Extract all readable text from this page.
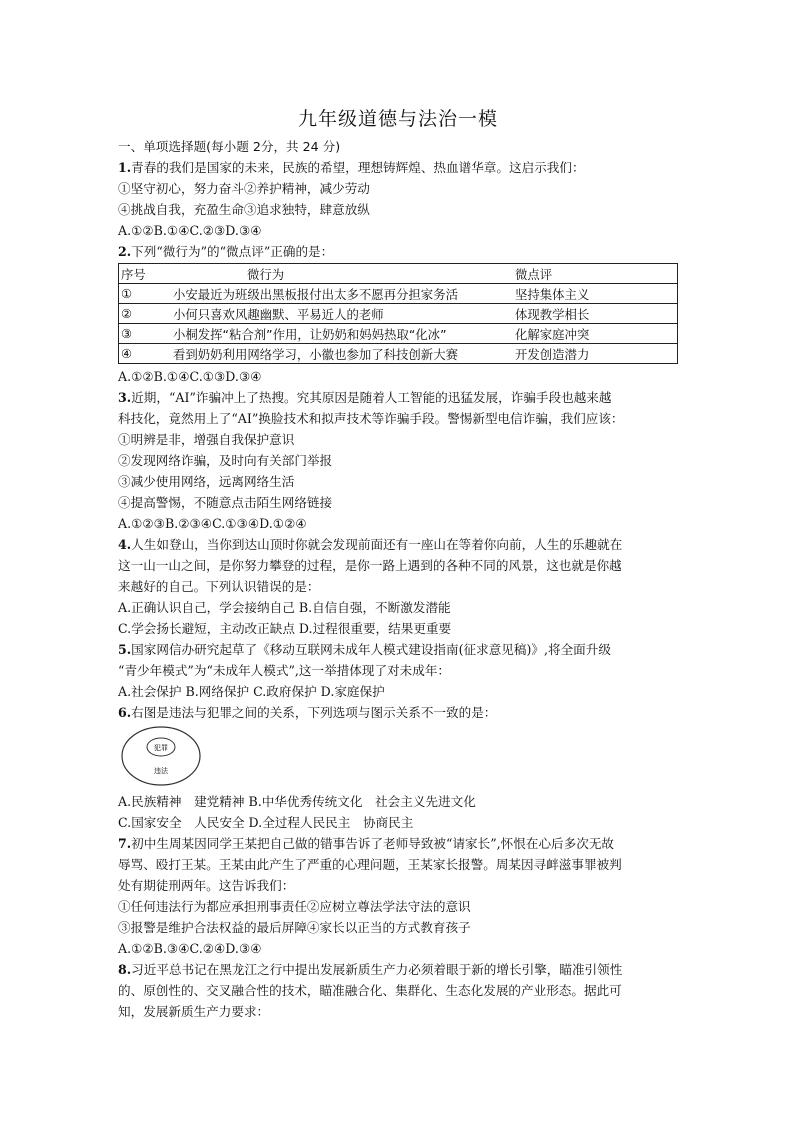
九年级道德与法治一模
一、单项选择题(每小题 2分，共 24 分)
1.青春的我们是国家的未来，民族的希望，理想铸辉煌、热血谱华章。这启示我们：
①坚守初心，努力奋斗②养护精神，减少劳动
④挑战自我，充盈生命③追求独特，肆意放纵
A.①②B.①④C.②③D.③④
2.下列“微行为”的“微点评”正确的是：
序号	微行为	微点评
①	小安最近为班级出黑板报付出太多不愿再分担家务活	坚持集体主义
②	小何只喜欢风趣幽默、平易近人的老师	体现教学相长
③	小桐发挥“粘合剂”作用，让奶奶和妈妈热取“化冰”	化解家庭冲突
④	看到奶奶利用网络学习，小徽也参加了科技创新大赛	开发创造潜力
A.①②B.①④C.①③D.③④
3.近期，“AI”诈骗冲上了热搜。究其原因是随着人工智能的迅猛发展，诈骗手段也越来越
科技化，竟然用上了“AI”换脸技术和拟声技术等诈骗手段。警惕新型电信诈骗，我们应该：
①明辨是非，增强自我保护意识
②发现网络诈骗，及时向有关部门举报
③减少使用网络，远离网络生活
④提高警惕，不随意点击陌生网络链接
A.①②③B.②③④C.①③④D.①②④
4.人生如登山，当你到达山顶时你就会发现前面还有一座山在等着你向前，人生的乐趣就在
这一山一山之间，是你努力攀登的过程，是你一路上遇到的各种不同的风景，这也就是你越
来越好的自己。下列认识错误的是：
A.正确认识自己，学会接纳自己 B.自信自强，不断激发潜能
C.学会扬长避短，主动改正缺点 D.过程很重要，结果更重要
5.国家网信办研究起草了《移动互联网未成年人模式建设指南(征求意见稿)》,将全面升级
“青少年模式”为“未成年人模式”,这一举措体现了对未成年：
A.社会保护 B.网络保护 C.政府保护 D.家庭保护
6.右图是违法与犯罪之间的关系，下列选项与图示关系不一致的是：
犯罪
违法
A.民族精神　建党精神 B.中华优秀传统文化　社会主义先进文化
C.国家安全　人民安全 D.全过程人民民主　协商民主
7.初中生周某因同学王某把自己做的错事告诉了老师导致被“请家长”,怀恨在心后多次无故
辱骂、殴打王某。王某由此产生了严重的心理问题，王某家长报警。周某因寻衅滋事罪被判
处有期徒刑两年。这告诉我们：
①任何违法行为都应承担刑事责任②应树立尊法学法守法的意识
③报警是维护合法权益的最后屏障④家长以正当的方式教育孩子
A.①②B.③④C.②④D.③④
8.习近平总书记在黑龙江之行中提出发展新质生产力必须着眼于新的增长引擎，瞄准引领性
的、原创性的、交叉融合性的技术，瞄准融合化、集群化、生态化发展的产业形态。据此可
知，发展新质生产力要求：
